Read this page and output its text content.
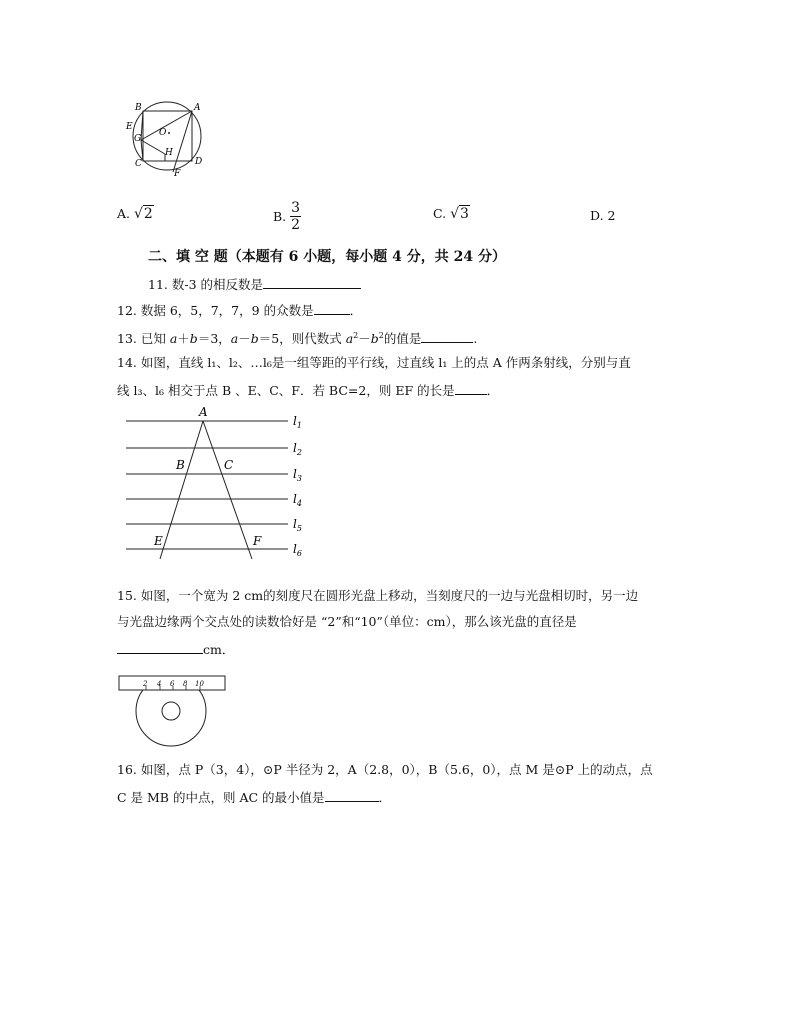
B	A
E
G
O
C
H
D
F
A. √2	B. $\frac{3}{2}$	C. √3	D. 2
二、填 空 题（本题有 6 小题，每小题 4 分，共 24 分）
11. 数-3 的相反数是
12. 数据 6，5，7，7，9 的众数是	．
13. 已知 a＋b＝3，a－b＝5，则代数式 $a^2-b^2$的值是	.
14. 如图，直线 l₁、l₂、…l₆是一组等距的平行线，过直线 l₁ 上的点 A 作两条射线，分别与直
线 l₃、l₆ 相交于点 B 、E、C、F．若 BC=2，则 EF 的长是	．
A
B	C
E	F
$l_1$
$l_2$
$l_3$
$l_4$
$l_5$
$l_6$
15. 如图，一个宽为 2 cm的刻度尺在圆形光盘上移动，当刻度尺的一边与光盘相切时，另一边
与光盘边缘两个交点处的读数恰好是 “2”和“10”（单位：cm），那么该光盘的直径是
cm．
2 4 6 8 10
16. 如图，点 P（3，4），⊙P 半径为 2，A（2.8，0），B（5.6，0），点 M 是⊙P 上的动点，点
C 是 MB 的中点，则 AC 的最小值是	．
